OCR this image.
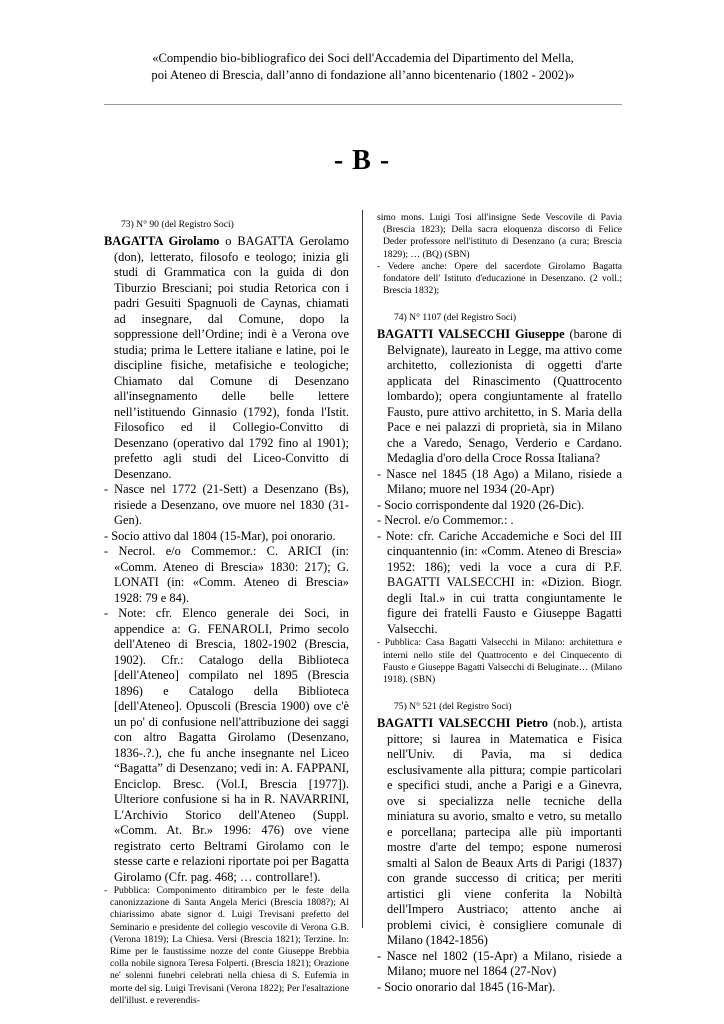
«Compendio bio-bibliografico dei Soci dell'Accademia del Dipartimento del Mella,
poi Ateneo di Brescia, dall’anno di fondazione all’anno bicentenario (1802 - 2002)»
- B -
73) N° 90 (del Registro Soci)
BAGATTA Girolamo o BAGATTA Gerolamo (don), letterato, filosofo e teologo; inizia gli studi di Grammatica con la guida di don Tiburzio Bresciani; poi studia Retorica con i padri Gesuiti Spagnuoli de Caynas, chiamati ad insegnare, dal Comune, dopo la soppressione dell’Ordine; indi è a Verona ove studia; prima le Lettere italiane e latine, poi le discipline fisiche, metafisiche e teologiche; Chiamato dal Comune di Desenzano all'insegnamento delle belle lettere nell’istituendo Ginnasio (1792), fonda l'Istit. Filosofico ed il Collegio-Convitto di Desenzano (operativo dal 1792 fino al 1901); prefetto agli studi del Liceo-Convitto di Desenzano.

- Nasce nel 1772 (21-Sett) a Desenzano (Bs), risiede a Desenzano, ove muore nel 1830 (31-Gen).

- Socio attivo dal 1804 (15-Mar), poi onorario.

- Necrol. e/o Commemor.: C. ARICI (in: «Comm. Ateneo di Brescia» 1830: 217); G. LONATI (in: «Comm. Ateneo di Brescia» 1928: 79 e 84).

- Note: cfr. Elenco generale dei Soci, in appendice a: G. FENAROLI, Primo secolo dell'Ateneo di Brescia, 1802-1902 (Brescia, 1902). Cfr.: Catalogo della Biblioteca [dell'Ateneo] compilato nel 1895 (Brescia 1896) e Catalogo della Biblioteca [dell'Ateneo]. Opuscoli (Brescia 1900) ove c'è un po' di confusione nell'attribuzione dei saggi con altro Bagatta Girolamo (Desenzano, 1836-.?.), che fu anche insegnante nel Liceo “Bagatta” di Desenzano; vedi in: A. FAPPANI, Enciclop. Bresc. (Vol.I, Brescia [1977]). Ulteriore confusione si ha in R. NAVARRINI, L'Archivio Storico dell'Ateneo (Suppl. «Comm. At. Br.» 1996: 476) ove viene registrato certo Beltrami Girolamo con le stesse carte e relazioni riportate poi per Bagatta Girolamo (Cfr. pag. 468; … controllare!).

- Pubblica: Componimento ditirambico per le feste della canonizzazione di Santa Angela Merici (Brescia 1808?); Al chiarissimo abate signor d. Luigi Trevisani prefetto del Seminario e presidente del collegio vescovile di Verona G.B. (Verona 1819); La Chiesa. Versi (Brescia 1821); Terzine. In: Rime per le faustissime nozze del conte Giuseppe Brebbia colla nobile signora Teresa Folperti. (Brescia 1821); Orazione ne' solenni funebri celebrati nella chiesa di S. Eufemia in morte del sig. Luigi Trevisani (Verona 1822); Per l'esaltazione dell'illust. e reverendis-

simo mons. Luigi Tosi all'insigne Sede Vescovile di Pavia (Brescia 1823); Della sacra eloquenza discorso di Felice Deder professore nell'istituto di Desenzano (a cura; Brescia 1829); … (BQ) (SBN)

- Vedere anche: Opere del sacerdote Girolamo Bagatta fondatore dell' Istituto d'educazione in Desenzano. (2 voll.; Brescia 1832);

74) N° 1107 (del Registro Soci)
BAGATTI VALSECCHI Giuseppe (barone di Belvignate), laureato in Legge, ma attivo come architetto, collezionista di oggetti d'arte applicata del Rinascimento (Quattrocento lombardo); opera congiuntamente al fratello Fausto, pure attivo architetto, in S. Maria della Pace e nei palazzi di proprietà, sia in Milano che a Varedo, Senago, Verderio e Cardano. Medaglia d'oro della Croce Rossa Italiana?

- Nasce nel 1845 (18 Ago) a Milano, risiede a Milano; muore nel 1934 (20-Apr)

- Socio corrispondente dal 1920 (26-Dic).

- Necrol. e/o Commemor.: .

- Note: cfr. Cariche Accademiche e Soci del III cinquantennio (in: «Comm. Ateneo di Brescia» 1952: 186); vedi la voce a cura di P.F. BAGATTI VALSECCHI in: «Dizion. Biogr. degli Ital.» in cui tratta congiuntamente le figure dei fratelli Fausto e Giuseppe Bagatti Valsecchi.

- Pubblica: Casa Bagatti Valsecchi in Milano: architettura e interni nello stile del Quattrocento e del Cinquecento di Fausto e Giuseppe Bagatti Valsecchi di Beluginate… (Milano 1918). (SBN)

75) N° 521 (del Registro Soci)
BAGATTI VALSECCHI Pietro (nob.), artista pittore; si laurea in Matematica e Fisica nell'Univ. di Pavia, ma si dedica esclusivamente alla pittura; compie particolari e specifici studi, anche a Parigi e a Ginevra, ove si specializza nelle tecniche della miniatura su avorio, smalto e vetro, su metallo e porcellana; partecipa alle più importanti mostre d'arte del tempo; espone numerosi smalti al Salon de Beaux Arts di Parigi (1837) con grande successo di critica; per meriti artistici gli viene conferita la Nobiltà dell'Impero Austriaco; attento anche ai problemi civici, è consigliere comunale di Milano (1842-1856)

- Nasce nel 1802 (15-Apr) a Milano, risiede a Milano; muore nel 1864 (27-Nov)

- Socio onorario dal 1845 (16-Mar).
